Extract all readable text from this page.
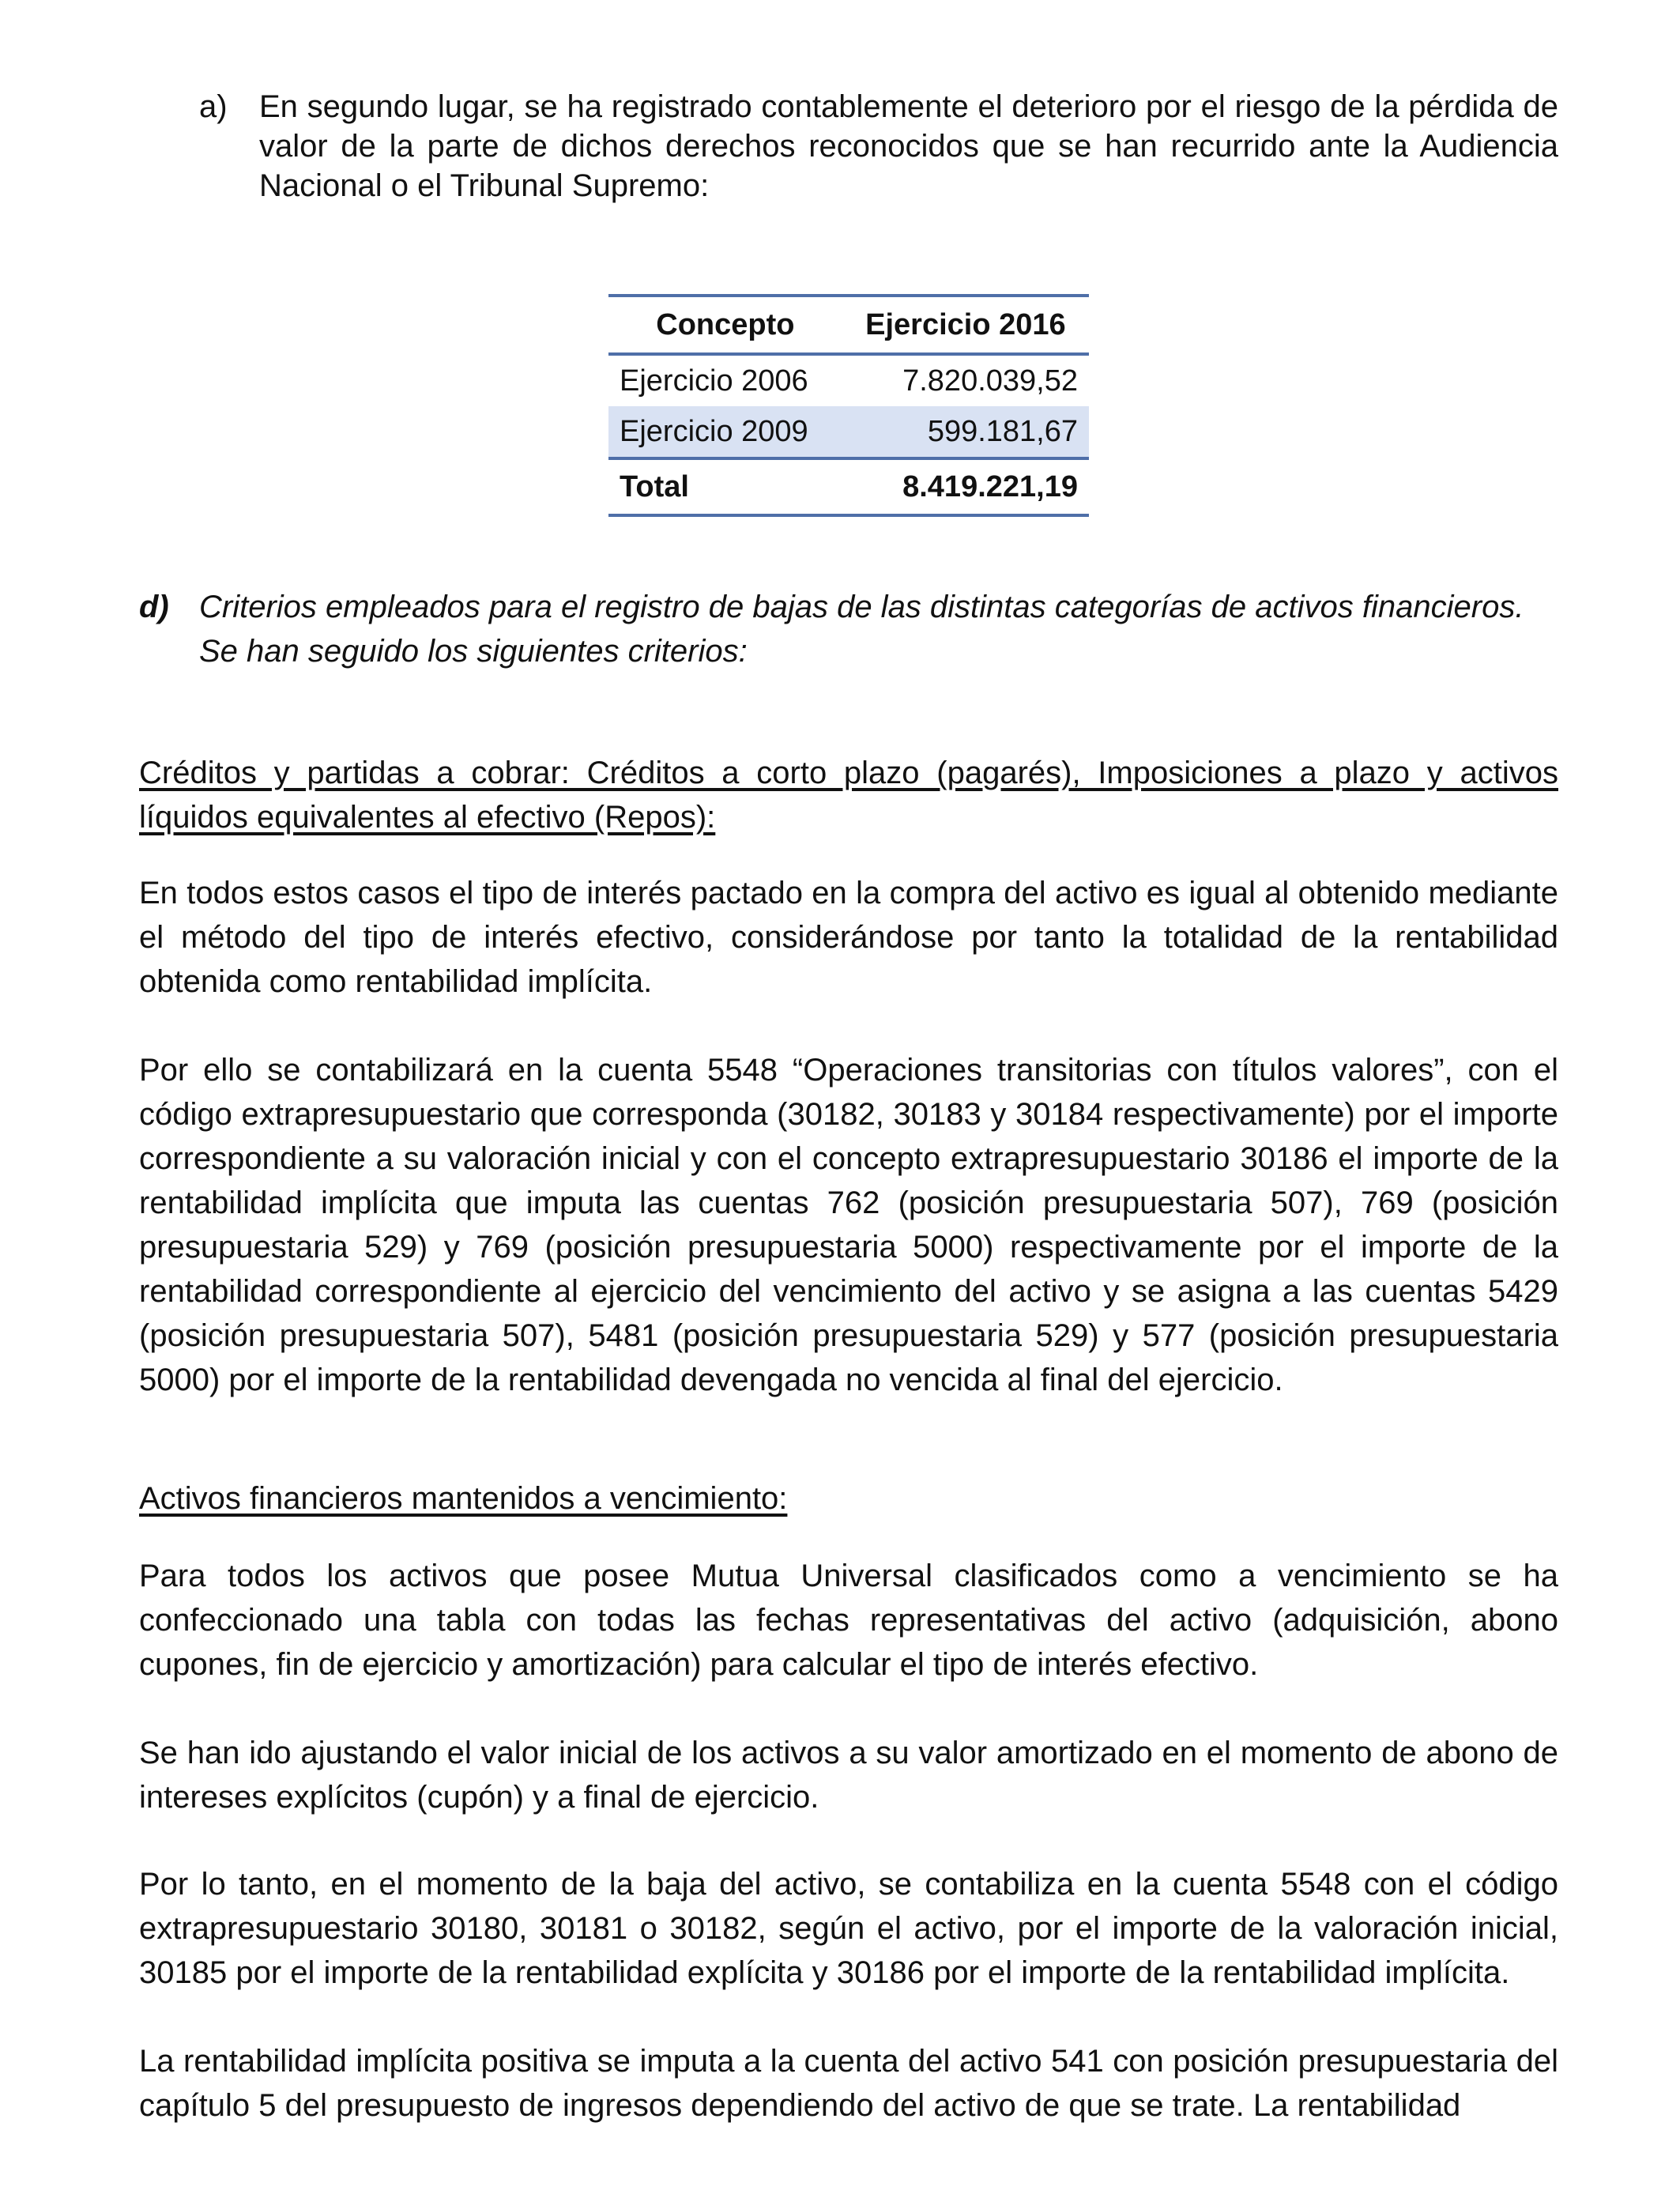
a) En segundo lugar, se ha registrado contablemente el deterioro por el riesgo de la pérdida de valor de la parte de dichos derechos reconocidos que se han recurrido ante la Audiencia Nacional o el Tribunal Supremo:
Concepto	Ejercicio 2016
Ejercicio 2006	7.820.039,52
Ejercicio 2009	599.181,67
Total	8.419.221,19
d) Criterios empleados para el registro de bajas de las distintas categorías de activos financieros. Se han seguido los siguientes criterios:

Créditos y partidas a cobrar: Créditos a corto plazo (pagarés), Imposiciones a plazo y activos líquidos equivalentes al efectivo (Repos):

En todos estos casos el tipo de interés pactado en la compra del activo es igual al obtenido mediante el método del tipo de interés efectivo, considerándose por tanto la totalidad de la rentabilidad obtenida como rentabilidad implícita.

Por ello se contabilizará en la cuenta 5548 “Operaciones transitorias con títulos valores”, con el código extrapresupuestario que corresponda (30182, 30183 y 30184 respectivamente) por el importe correspondiente a su valoración inicial y con el concepto extrapresupuestario 30186 el importe de la rentabilidad implícita que imputa las cuentas 762 (posición presupuestaria 507), 769 (posición presupuestaria 529) y 769 (posición presupuestaria 5000) respectivamente por el importe de la rentabilidad correspondiente al ejercicio del vencimiento del activo y se asigna a las cuentas 5429 (posición presupuestaria 507), 5481 (posición presupuestaria 529) y 577 (posición presupuestaria 5000) por el importe de la rentabilidad devengada no vencida al final del ejercicio.

Activos financieros mantenidos a vencimiento:

Para todos los activos que posee Mutua Universal clasificados como a vencimiento se ha confeccionado una tabla con todas las fechas representativas del activo (adquisición, abono cupones, fin de ejercicio y amortización) para calcular el tipo de interés efectivo.

Se han ido ajustando el valor inicial de los activos a su valor amortizado en el momento de abono de intereses explícitos (cupón) y a final de ejercicio.

Por lo tanto, en el momento de la baja del activo, se contabiliza en la cuenta 5548 con el código extrapresupuestario 30180, 30181 o 30182, según el activo, por el importe de la valoración inicial, 30185 por el importe de la rentabilidad explícita y 30186 por el importe de la rentabilidad implícita.

La rentabilidad implícita positiva se imputa a la cuenta del activo 541 con posición presupuestaria del capítulo 5 del presupuesto de ingresos dependiendo del activo de que se trate. La rentabilidad
